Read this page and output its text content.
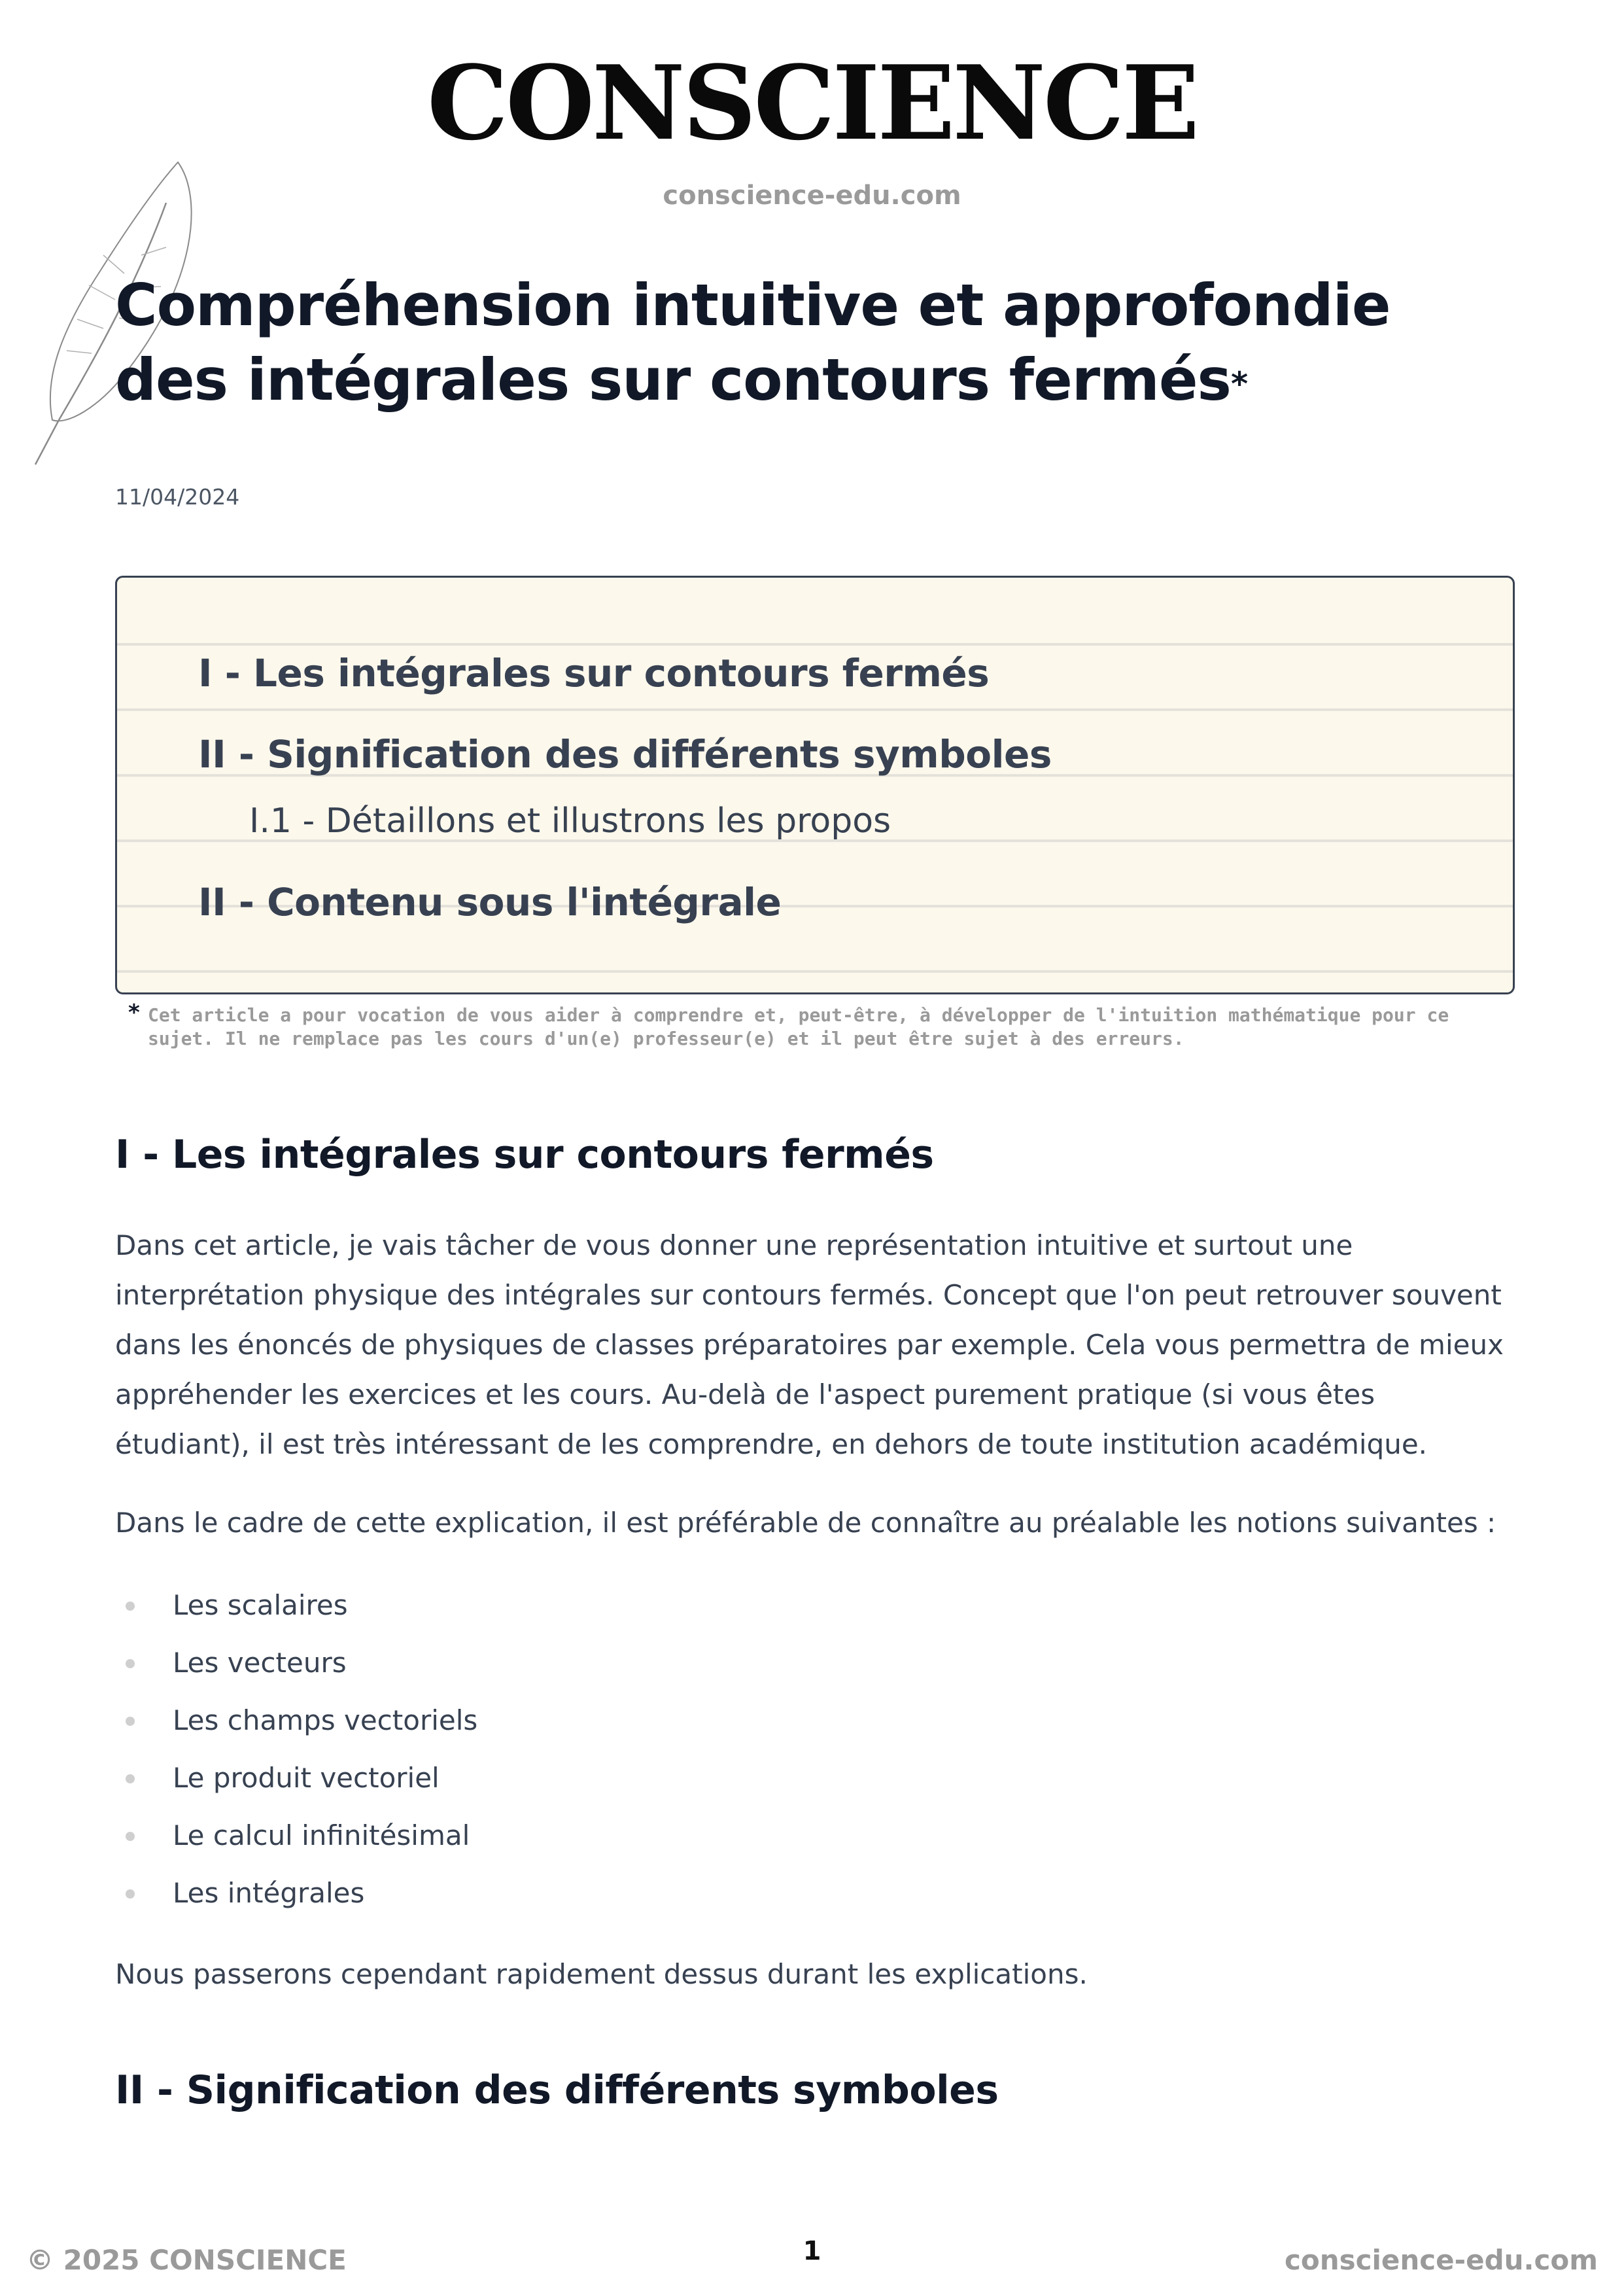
CONSCIENCE
conscience-edu.com
Compréhension intuitive et approfondie des intégrales sur contours fermés*
11/04/2024

I - Les intégrales sur contours fermés

II - Signification des différents symboles

I.1 - Détaillons et illustrons les propos

II - Contenu sous l'intégrale

* Cet article a pour vocation de vous aider à comprendre et, peut-être, à développer de l'intuition mathématique pour ce sujet. Il ne remplace pas les cours d'un(e) professeur(e) et il peut être sujet à des erreurs.
I - Les intégrales sur contours fermés

Dans cet article, je vais tâcher de vous donner une représentation intuitive et surtout une interprétation physique des intégrales sur contours fermés. Concept que l'on peut retrouver souvent dans les énoncés de physiques de classes préparatoires par exemple. Cela vous permettra de mieux appréhender les exercices et les cours. Au-delà de l'aspect purement pratique (si vous êtes étudiant), il est très intéressant de les comprendre, en dehors de toute institution académique.

Dans le cadre de cette explication, il est préférable de connaître au préalable les notions suivantes :

Les scalaires
Les vecteurs
Les champs vectoriels
Le produit vectoriel
Le calcul infinitésimal
Les intégrales

Nous passerons cependant rapidement dessus durant les explications.

II - Signification des différents symboles
© 2025 CONSCIENCE	1	conscience-edu.com
